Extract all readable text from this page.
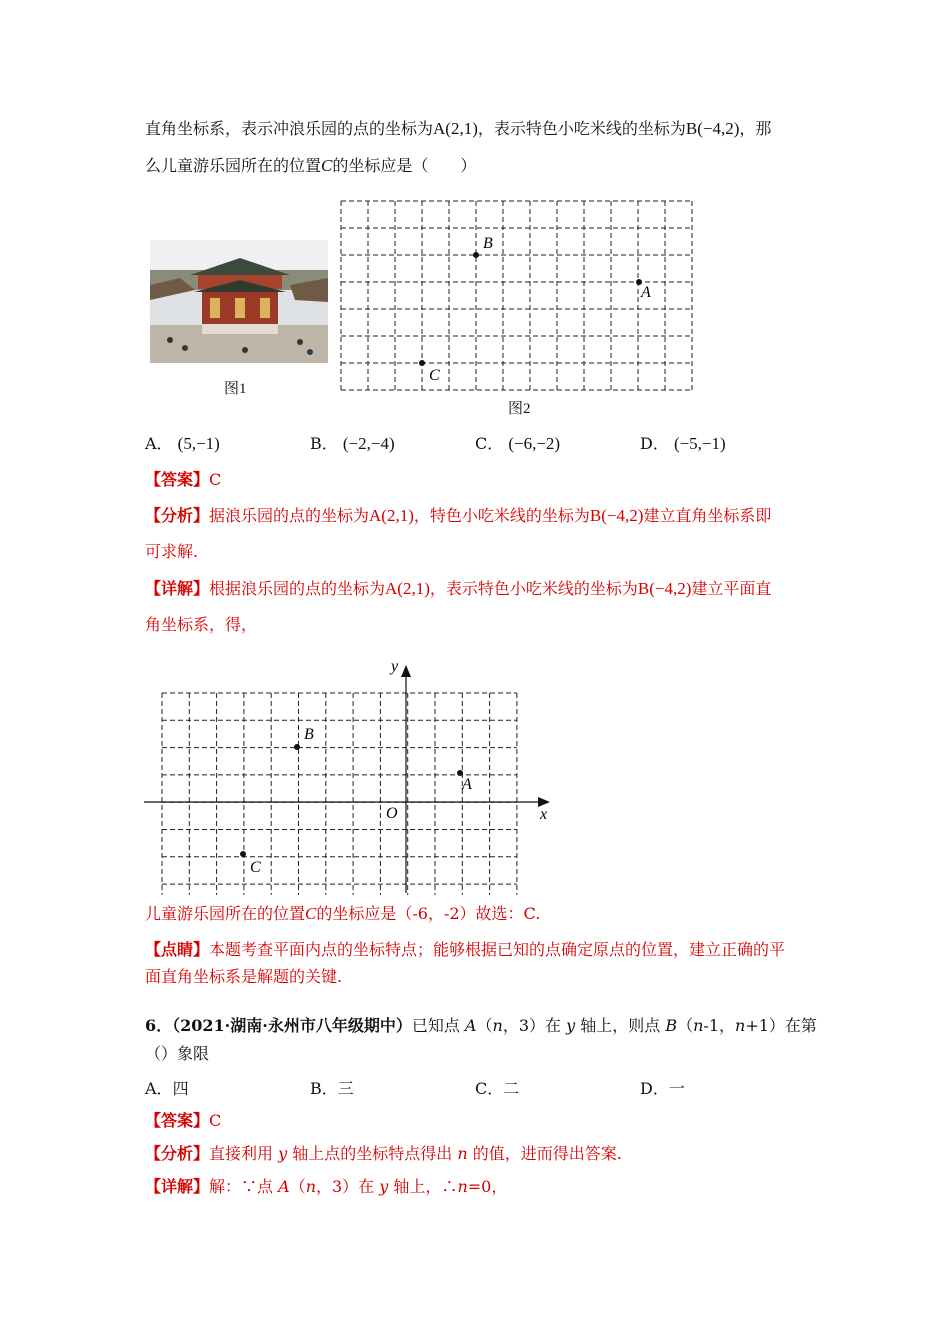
直角坐标系，表示冲浪乐园的点的坐标为A(2,1)，表示特色小吃米线的坐标为B(−4,2)，那
么儿童游乐园所在的位置C的坐标应是（　　）
图1
B
A
C
图2
A． (5,−1)	B． (−2,−4)	C． (−6,−2)	D． (−5,−1)
【答案】C
【分析】据浪乐园的点的坐标为A(2,1)，特色小吃米线的坐标为B(−4,2)建立直角坐标系即
可求解.
【详解】根据浪乐园的点的坐标为A(2,1)，表示特色小吃米线的坐标为B(−4,2)建立平面直
角坐标系，得，
B
A
C
O	x
y
儿童游乐园所在的位置C的坐标应是（-6，-2）故选：C.
【点睛】本题考查平面内点的坐标特点；能够根据已知的点确定原点的位置，建立正确的平
面直角坐标系是解题的关键.
6．（2021·湖南·永州市八年级期中）已知点 A（n，3）在 y 轴上，则点 B（n-1，n+1）在第
（）象限
A．四	B．三	C．二	D．一
【答案】C
【分析】直接利用 y 轴上点的坐标特点得出 n 的值，进而得出答案.
【详解】解：∵点 A（n，3）在 y 轴上，∴n=0，
